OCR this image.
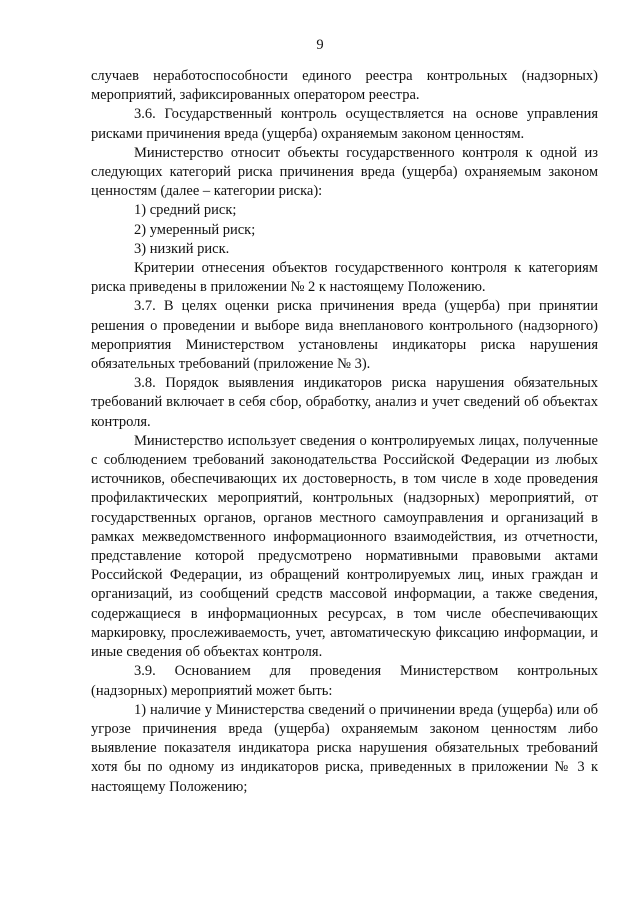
9

случаев неработоспособности единого реестра контрольных (надзорных) мероприятий, зафиксированных оператором реестра.

3.6. Государственный контроль осуществляется на основе управления рисками причинения вреда (ущерба) охраняемым законом ценностям.

Министерство относит объекты государственного контроля к одной из следующих категорий риска причинения вреда (ущерба) охраняемым законом ценностям (далее – категории риска):

1) средний риск;

2) умеренный риск;

3) низкий риск.

Критерии отнесения объектов государственного контроля к категориям риска приведены в приложении № 2 к настоящему Положению.

3.7. В целях оценки риска причинения вреда (ущерба) при принятии решения о проведении и выборе вида внепланового контрольного (надзорного) мероприятия Министерством установлены индикаторы риска нарушения обязательных требований (приложение № 3).

3.8. Порядок выявления индикаторов риска нарушения обязательных требований включает в себя сбор, обработку, анализ и учет сведений об объектах контроля.

Министерство использует сведения о контролируемых лицах, полученные с соблюдением требований законодательства Российской Федерации из любых источников, обеспечивающих их достоверность, в том числе в ходе проведения профилактических мероприятий, контрольных (надзорных) мероприятий, от государственных органов, органов местного самоуправления и организаций в рамках межведомственного информационного взаимодействия, из отчетности, представление которой предусмотрено нормативными правовыми актами Российской Федерации, из обращений контролируемых лиц, иных граждан и организаций, из сообщений средств массовой информации, а также сведения, содержащиеся в информационных ресурсах, в том числе обеспечивающих маркировку, прослеживаемость, учет, автоматическую фиксацию информации, и иные сведения об объектах контроля.

3.9. Основанием для проведения Министерством контрольных (надзорных) мероприятий может быть:

1) наличие у Министерства сведений о причинении вреда (ущерба) или об угрозе причинения вреда (ущерба) охраняемым законом ценностям либо выявление показателя индикатора риска нарушения обязательных требований хотя бы по одному из индикаторов риска, приведенных в приложении № 3 к настоящему Положению;
